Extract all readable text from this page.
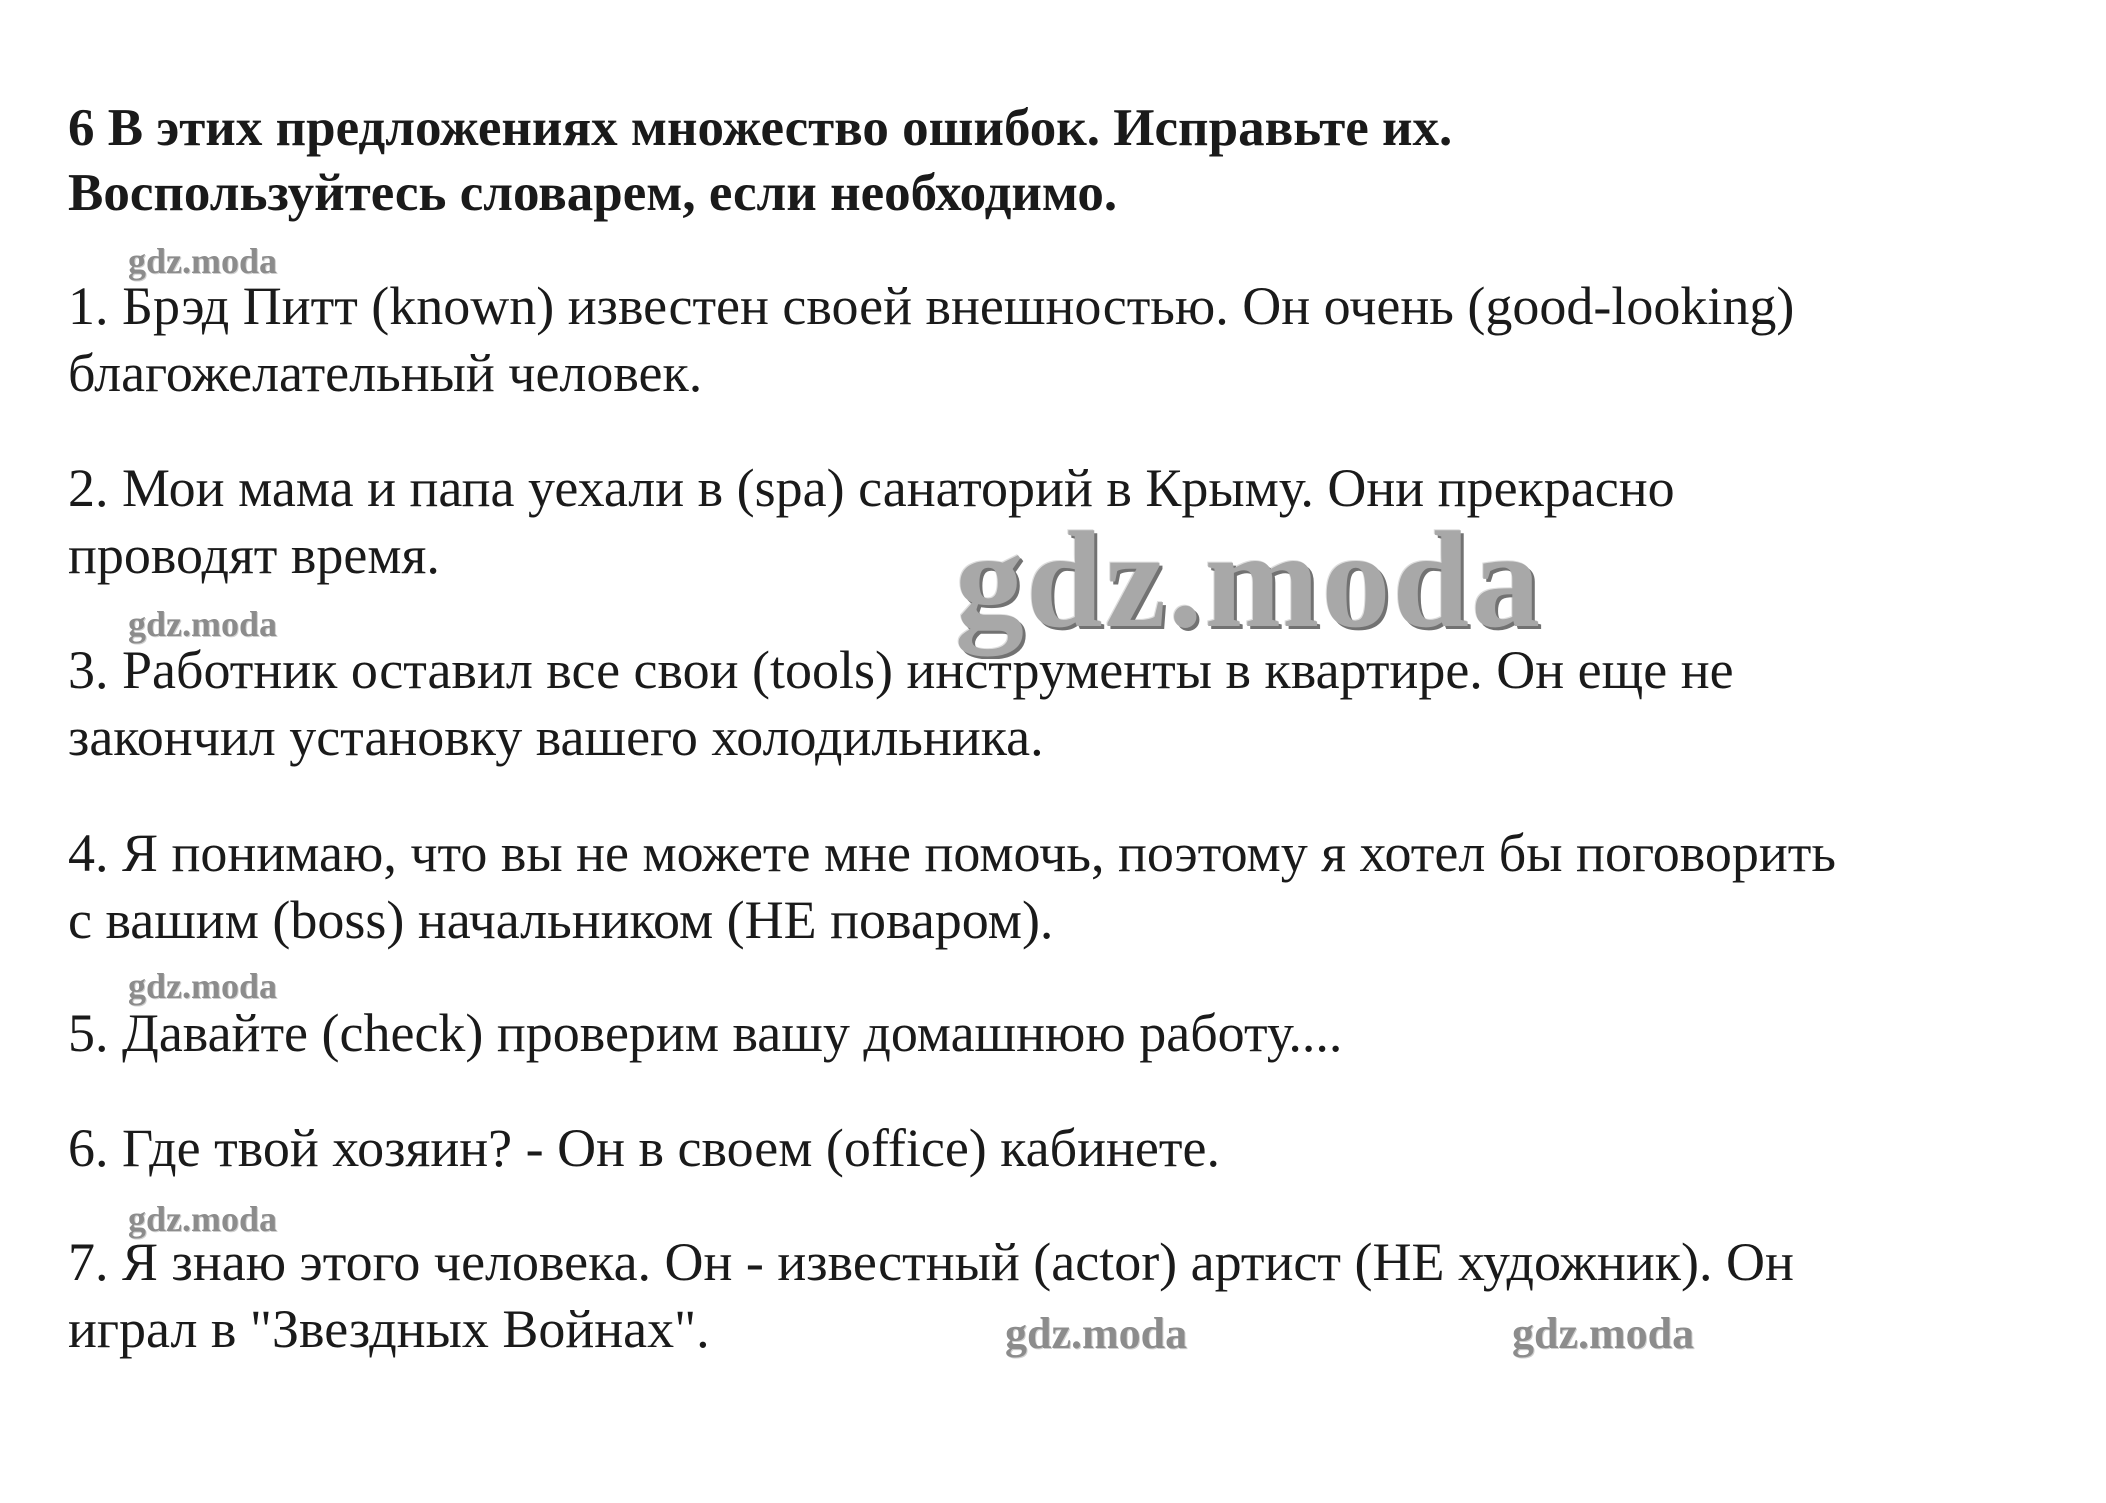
6 В этих предложениях множество ошибок. Исправьте их.
Воспользуйтесь словарем, если необходимо.
gdz.moda
1. Брэд Питт (known) известен своей внешностью. Он очень (good-looking)
благожелательный человек.
2. Мои мама и папа уехали в (spa) санаторий в Крыму. Они прекрасно
проводят время.	gdz.moda
gdz.moda
3. Работник оставил все свои (tools) инструменты в квартире. Он еще не
закончил установку вашего холодильника.
4. Я понимаю, что вы не можете мне помочь, поэтому я хотел бы поговорить
с вашим (boss) начальником (НЕ поваром).
gdz.moda
5. Давайте (check) проверим вашу домашнюю работу....
6. Где твой хозяин? - Он в своем (office) кабинете.
gdz.moda
7. Я знаю этого человека. Он - известный (actor) артист (НЕ художник). Он
играл в "Звездных Войнах".	gdz.moda	gdz.moda
